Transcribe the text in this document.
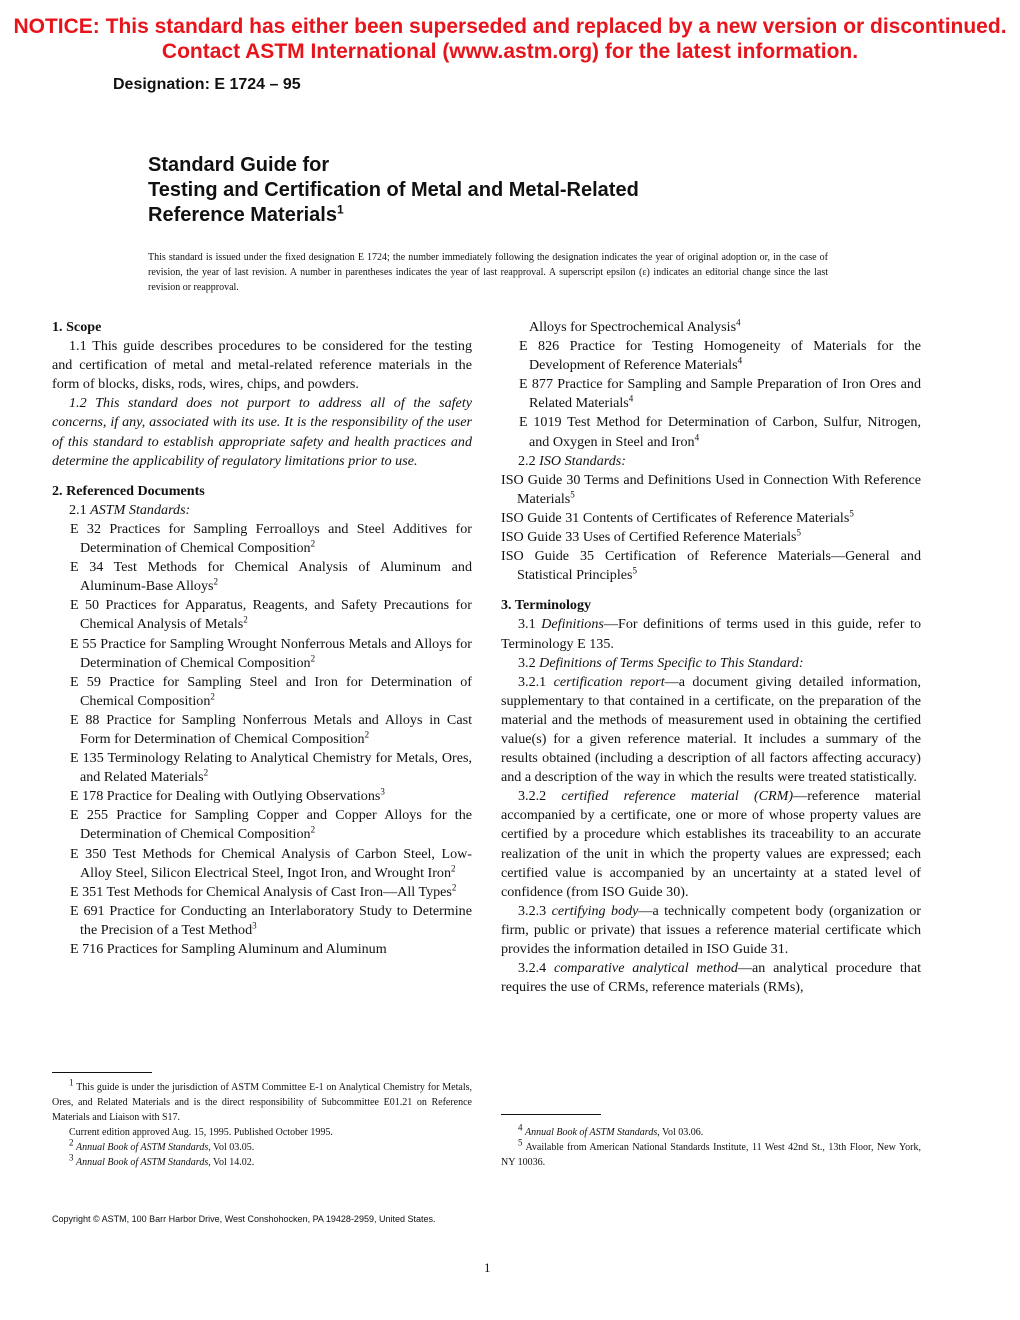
NOTICE: This standard has either been superseded and replaced by a new version or discontinued.
Contact ASTM International (www.astm.org) for the latest information.
Designation: E 1724 – 95
Standard Guide for
Testing and Certification of Metal and Metal-Related
Reference Materials$^1$
This standard is issued under the fixed designation E 1724; the number immediately following the designation indicates the year of original adoption or, in the case of revision, the year of last revision. A number in parentheses indicates the year of last reapproval. A superscript epsilon (ε) indicates an editorial change since the last revision or reapproval.

1. Scope

1.1 This guide describes procedures to be considered for the testing and certification of metal and metal-related reference materials in the form of blocks, disks, rods, wires, chips, and powders.

1.2 This standard does not purport to address all of the safety concerns, if any, associated with its use. It is the responsibility of the user of this standard to establish appropriate safety and health practices and determine the applicability of regulatory limitations prior to use.

2. Referenced Documents

2.1 ASTM Standards:

E 32 Practices for Sampling Ferroalloys and Steel Additives for Determination of Chemical Composition$^2$

E 34 Test Methods for Chemical Analysis of Aluminum and Aluminum-Base Alloys$^2$

E 50 Practices for Apparatus, Reagents, and Safety Precautions for Chemical Analysis of Metals$^2$

E 55 Practice for Sampling Wrought Nonferrous Metals and Alloys for Determination of Chemical Composition$^2$

E 59 Practice for Sampling Steel and Iron for Determination of Chemical Composition$^2$

E 88 Practice for Sampling Nonferrous Metals and Alloys in Cast Form for Determination of Chemical Composition$^2$

E 135 Terminology Relating to Analytical Chemistry for Metals, Ores, and Related Materials$^2$

E 178 Practice for Dealing with Outlying Observations$^3$

E 255 Practice for Sampling Copper and Copper Alloys for the Determination of Chemical Composition$^2$

E 350 Test Methods for Chemical Analysis of Carbon Steel, Low-Alloy Steel, Silicon Electrical Steel, Ingot Iron, and Wrought Iron$^2$

E 351 Test Methods for Chemical Analysis of Cast Iron—All Types$^2$

E 691 Practice for Conducting an Interlaboratory Study to Determine the Precision of a Test Method$^3$

E 716 Practices for Sampling Aluminum and Aluminum

Alloys for Spectrochemical Analysis$^4$

E 826 Practice for Testing Homogeneity of Materials for the Development of Reference Materials$^4$

E 877 Practice for Sampling and Sample Preparation of Iron Ores and Related Materials$^4$

E 1019 Test Method for Determination of Carbon, Sulfur, Nitrogen, and Oxygen in Steel and Iron$^4$

2.2 ISO Standards:

ISO Guide 30 Terms and Definitions Used in Connection With Reference Materials$^5$

ISO Guide 31 Contents of Certificates of Reference Materials$^5$

ISO Guide 33 Uses of Certified Reference Materials$^5$

ISO Guide 35 Certification of Reference Materials—General and Statistical Principles$^5$

3. Terminology

3.1 Definitions—For definitions of terms used in this guide, refer to Terminology E 135.

3.2 Definitions of Terms Specific to This Standard:

3.2.1 certification report—a document giving detailed information, supplementary to that contained in a certificate, on the preparation of the material and the methods of measurement used in obtaining the certified value(s) for a given reference material. It includes a summary of the results obtained (including a description of all factors affecting accuracy) and a description of the way in which the results were treated statistically.

3.2.2 certified reference material (CRM)—reference material accompanied by a certificate, one or more of whose property values are certified by a procedure which establishes its traceability to an accurate realization of the unit in which the property values are expressed; each certified value is accompanied by an uncertainty at a stated level of confidence (from ISO Guide 30).

3.2.3 certifying body—a technically competent body (organization or firm, public or private) that issues a reference material certificate which provides the information detailed in ISO Guide 31.

3.2.4 comparative analytical method—an analytical procedure that requires the use of CRMs, reference materials (RMs),

$^1$ This guide is under the jurisdiction of ASTM Committee E-1 on Analytical Chemistry for Metals, Ores, and Related Materials and is the direct responsibility of Subcommittee E01.21 on Reference Materials and Liaison with S17.

Current edition approved Aug. 15, 1995. Published October 1995.

$^2$ Annual Book of ASTM Standards, Vol 03.05.

$^3$ Annual Book of ASTM Standards, Vol 14.02.

$^4$ Annual Book of ASTM Standards, Vol 03.06.

$^5$ Available from American National Standards Institute, 11 West 42nd St., 13th Floor, New York, NY 10036.

Copyright © ASTM, 100 Barr Harbor Drive, West Conshohocken, PA 19428-2959, United States.
1
